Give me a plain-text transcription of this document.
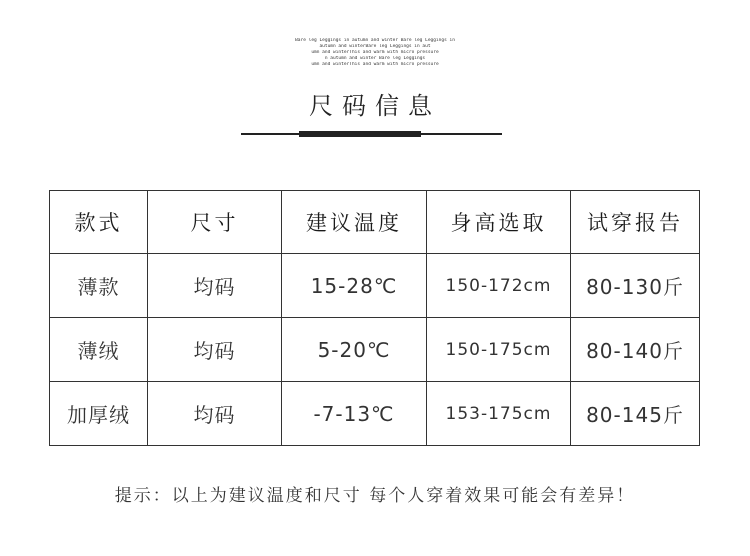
Bare leg Leggings in autumn and winter Bare leg Leggings in
autumn and winterBare leg Leggings in aut
umn and winterThis and warm with micro pressure
n autumn and winter Bare leg Leggings
umn and winterThis and warm with micro pressure
尺码信息
款式	尺寸	建议温度	身高选取	试穿报告
薄款	均码	15-28℃	150-172cm	80-130斤
薄绒	均码	5-20℃	150-175cm	80-140斤
加厚绒	均码	-7-13℃	153-175cm	80-145斤
提示：以上为建议温度和尺寸 每个人穿着效果可能会有差异！
